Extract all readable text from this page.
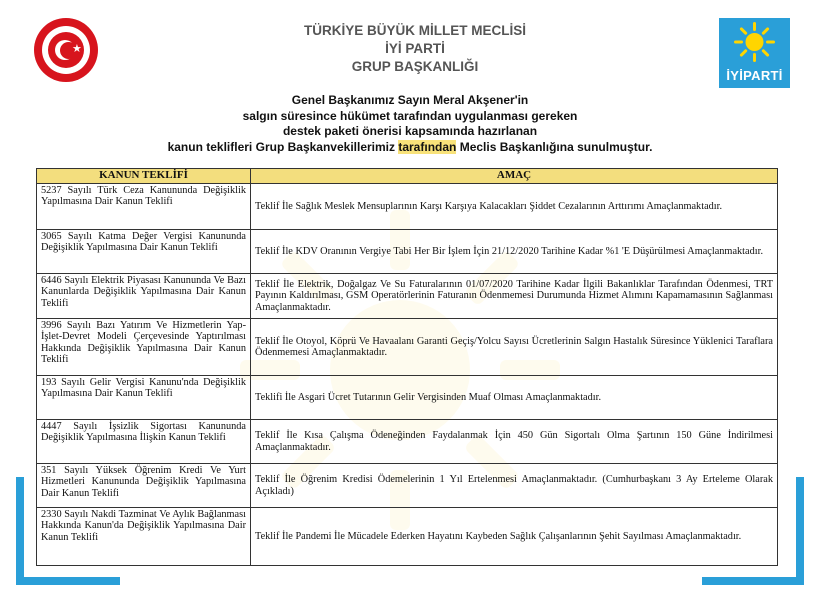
★
TÜRKİYE BÜYÜK MİLLET MECLİSİ
İYİ PARTİ
GRUP BAŞKANLIĞI
İYİPARTİ
Genel Başkanımız Sayın Meral Akşener'in
salgın süresince hükümet tarafından uygulanması gereken
destek paketi önerisi kapsamında hazırlanan
kanun teklifleri Grup Başkanvekillerimiz tarafından Meclis Başkanlığına sunulmuştur.
KANUN TEKLİFİ	AMAÇ
5237 Sayılı Türk Ceza Kanununda Değişiklik Yapılmasına Dair Kanun Teklifi	Teklif İle Sağlık Meslek Mensuplarının Karşı Karşıya Kalacakları Şiddet Cezalarının Arttırımı Amaçlanmaktadır.
3065 Sayılı Katma Değer Vergisi Kanununda Değişiklik Yapılmasına Dair Kanun Teklifi	Teklif İle KDV Oranının Vergiye Tabi Her Bir İşlem İçin 21/12/2020 Tarihine Kadar %1 'E Düşürülmesi Amaçlanmaktadır.
6446 Sayılı Elektrik Piyasası Kanununda Ve Bazı Kanunlarda Değişiklik Yapılmasına Dair Kanun Teklifi	Teklif İle Elektrik, Doğalgaz Ve Su Faturalarının 01/07/2020 Tarihine Kadar İlgili Bakanlıklar Tarafından Ödenmesi, TRT Payının Kaldırılması, GSM Operatörlerinin Faturanın Ödenmemesi Durumunda Hizmet Alımını Kapamamasının Sağlanması Amaçlanmaktadır.
3996 Sayılı Bazı Yatırım Ve Hizmetlerin Yap-İşlet-Devret Modeli Çerçevesinde Yaptırılması Hakkında Değişiklik Yapılmasına Dair Kanun Teklifi	Teklif İle Otoyol, Köprü Ve Havaalanı Garanti Geçiş/Yolcu Sayısı Ücretlerinin Salgın Hastalık Süresince Yüklenici Taraflara Ödenmemesi Amaçlanmaktadır.
193 Sayılı Gelir Vergisi Kanunu'nda Değişiklik Yapılmasına Dair Kanun Teklifi	Teklifi İle Asgari Ücret Tutarının Gelir Vergisinden Muaf Olması Amaçlanmaktadır.
4447 Sayılı İşsizlik Sigortası Kanununda Değişiklik Yapılmasına İlişkin Kanun Teklifi	Teklif İle Kısa Çalışma Ödeneğinden Faydalanmak İçin 450 Gün Sigortalı Olma Şartının 150 Güne İndirilmesi Amaçlanmaktadır.
351 Sayılı Yüksek Öğrenim Kredi Ve Yurt Hizmetleri Kanununda Değişiklik Yapılmasına Dair Kanun Teklifi	Teklif İle Öğrenim Kredisi Ödemelerinin 1 Yıl Ertelenmesi Amaçlanmaktadır. (Cumhurbaşkanı 3 Ay Erteleme Olarak Açıkladı)
2330 Sayılı Nakdi Tazminat Ve Aylık Bağlanması Hakkında Kanun'da Değişiklik Yapılmasına Dair Kanun Teklifi	Teklif İle Pandemi İle Mücadele Ederken Hayatını Kaybeden Sağlık Çalışanlarının Şehit Sayılması Amaçlanmaktadır.
